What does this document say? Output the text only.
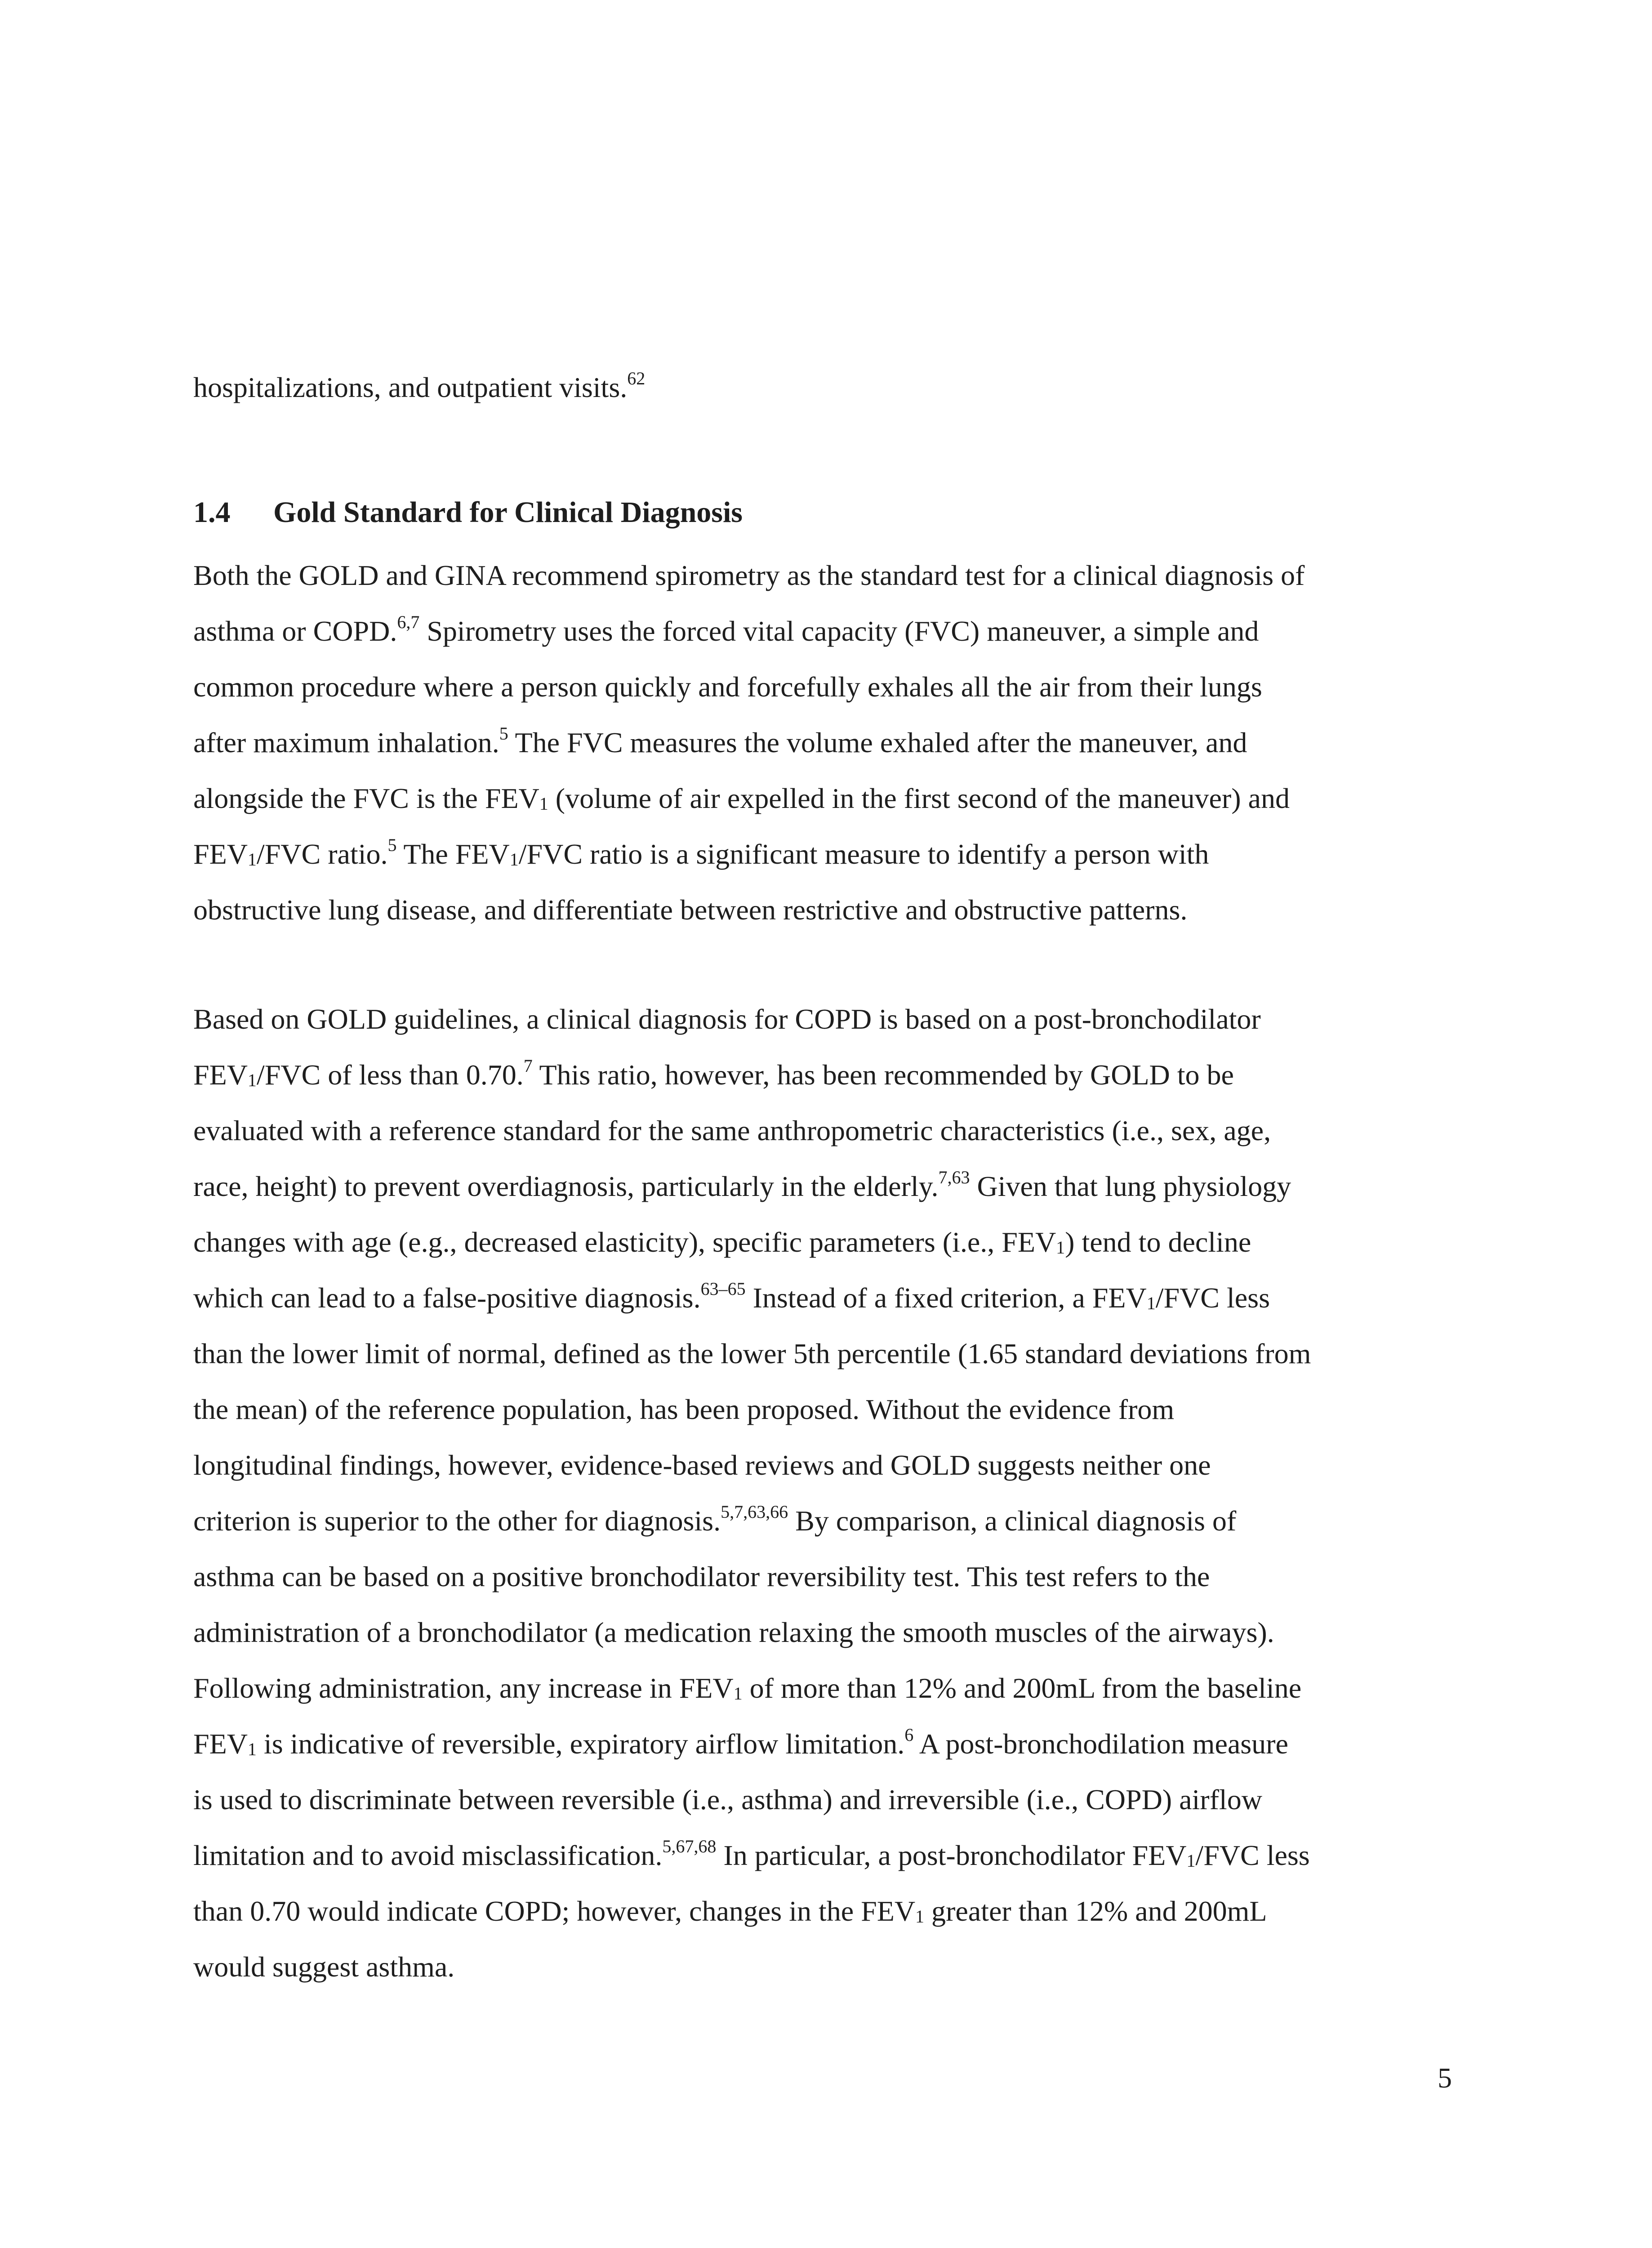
hospitalizations, and outpatient visits.$^{62}$
1.4 Gold Standard for Clinical Diagnosis
Both the GOLD and GINA recommend spirometry as the standard test for a clinical diagnosis of
asthma or COPD.$^{6,7}$ Spirometry uses the forced vital capacity (FVC) maneuver, a simple and
common procedure where a person quickly and forcefully exhales all the air from their lungs
after maximum inhalation.$^5$ The FVC measures the volume exhaled after the maneuver, and
alongside the FVC is the $FEV_1$ (volume of air expelled in the first second of the maneuver) and
$FEV_1$/FVC ratio.$^5$ The $FEV_1$/FVC ratio is a significant measure to identify a person with
obstructive lung disease, and differentiate between restrictive and obstructive patterns.
Based on GOLD guidelines, a clinical diagnosis for COPD is based on a post-bronchodilator
$FEV_1$/FVC of less than 0.70.$^7$ This ratio, however, has been recommended by GOLD to be
evaluated with a reference standard for the same anthropometric characteristics (i.e., sex, age,
race, height) to prevent overdiagnosis, particularly in the elderly.$^{7,63}$ Given that lung physiology
changes with age (e.g., decreased elasticity), specific parameters (i.e., $FEV_1$) tend to decline
which can lead to a false-positive diagnosis.$^{63-65}$ Instead of a fixed criterion, a $FEV_1$/FVC less
than the lower limit of normal, defined as the lower 5th percentile (1.65 standard deviations from
the mean) of the reference population, has been proposed. Without the evidence from
longitudinal findings, however, evidence-based reviews and GOLD suggests neither one
criterion is superior to the other for diagnosis.$^{5,7,63,66}$ By comparison, a clinical diagnosis of
asthma can be based on a positive bronchodilator reversibility test. This test refers to the
administration of a bronchodilator (a medication relaxing the smooth muscles of the airways).
Following administration, any increase in $FEV_1$ of more than 12% and 200mL from the baseline
$FEV_1$ is indicative of reversible, expiratory airflow limitation.$^6$ A post-bronchodilation measure
is used to discriminate between reversible (i.e., asthma) and irreversible (i.e., COPD) airflow
limitation and to avoid misclassification.$^{5,67,68}$ In particular, a post-bronchodilator $FEV_1$/FVC less
than 0.70 would indicate COPD; however, changes in the $FEV_1$ greater than 12% and 200mL
would suggest asthma.
5
